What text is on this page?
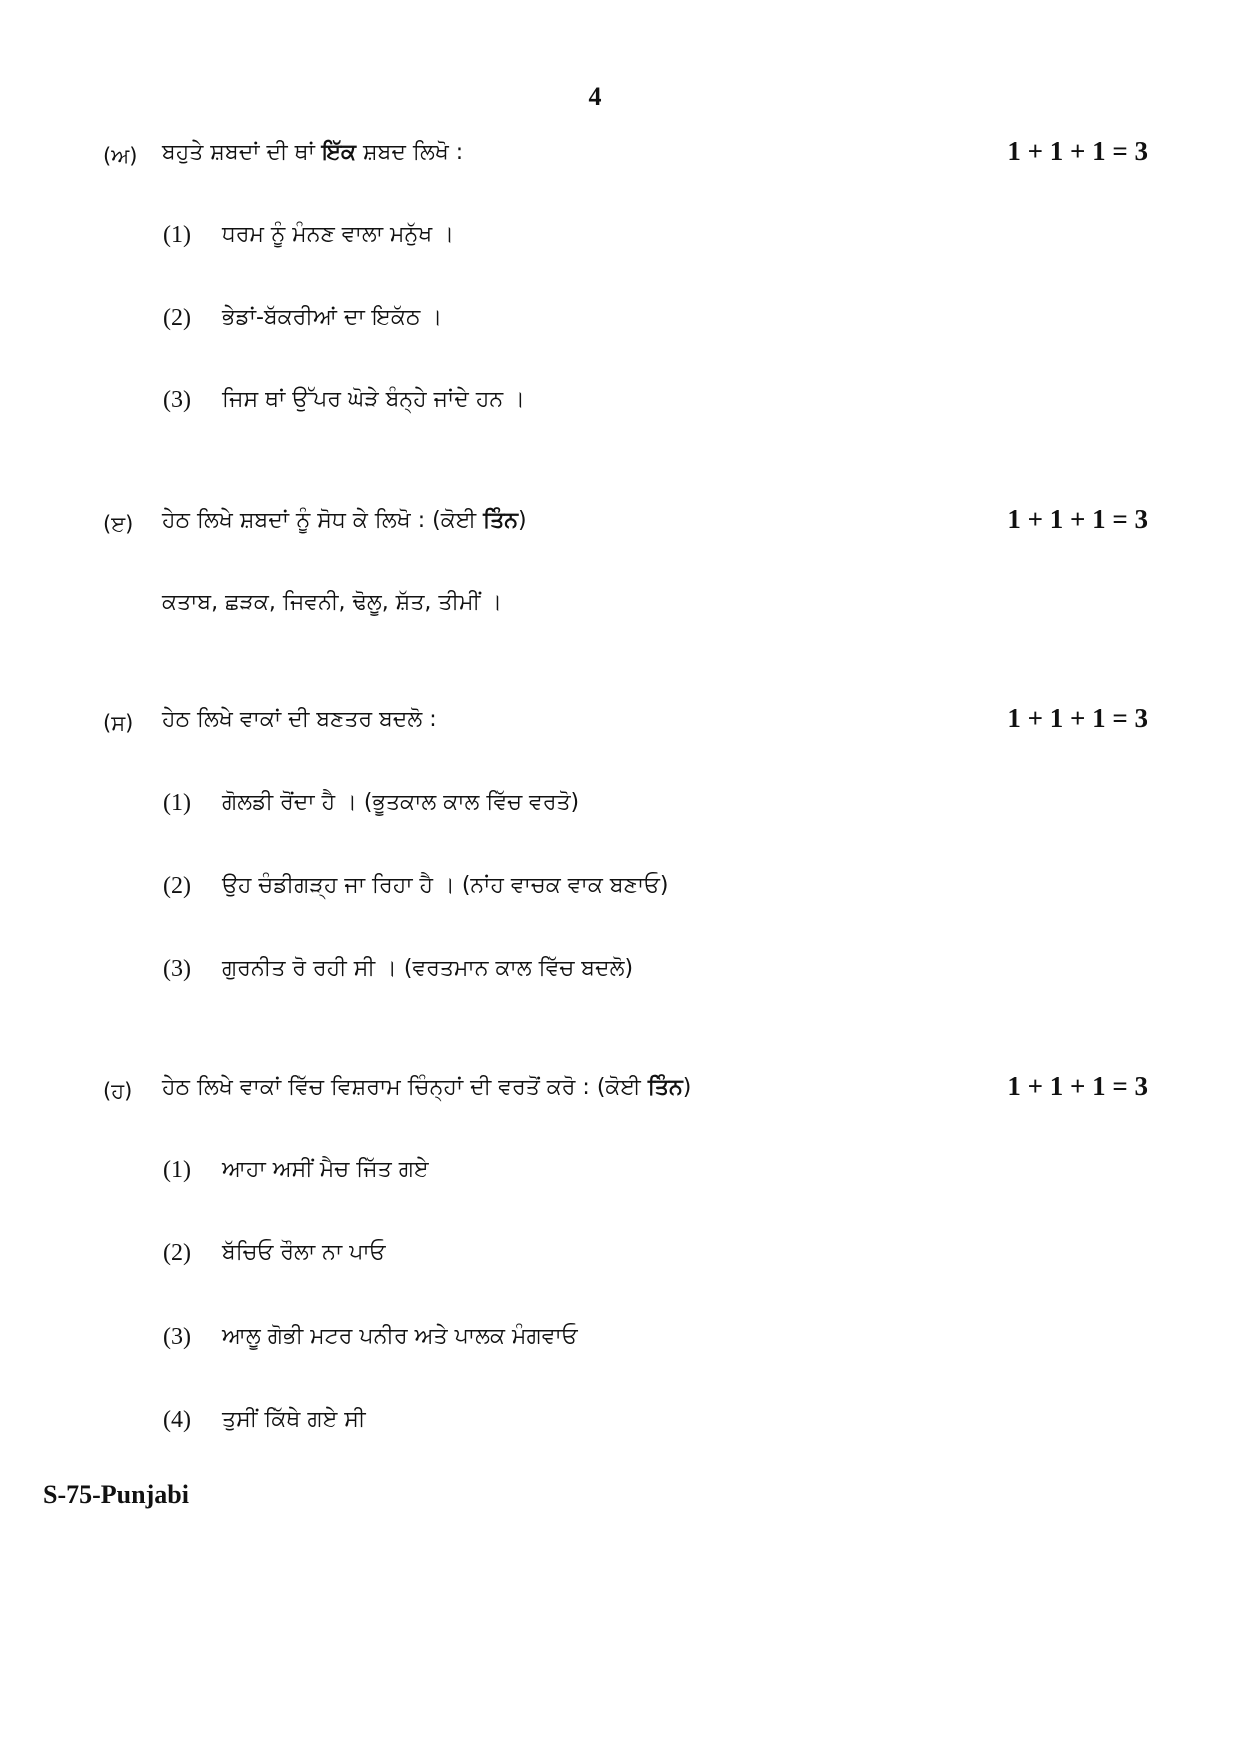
4
(ਅ) ਬਹੁਤੇ ਸ਼ਬਦਾਂ ਦੀ ਥਾਂ ਇੱਕ ਸ਼ਬਦ ਲਿਖੋ :	1 + 1 + 1 = 3
(1) ਧਰਮ ਨੂੰ ਮੰਨਣ ਵਾਲਾ ਮਨੁੱਖ ।
(2) ਭੇਡਾਂ-ਬੱਕਰੀਆਂ ਦਾ ਇਕੱਠ ।
(3) ਜਿਸ ਥਾਂ ਉੱਪਰ ਘੋੜੇ ਬੰਨ੍ਹੇ ਜਾਂਦੇ ਹਨ ।
(ੲ) ਹੇਠ ਲਿਖੇ ਸ਼ਬਦਾਂ ਨੂੰ ਸੋਧ ਕੇ ਲਿਖੋ : (ਕੋਈ ਤਿੰਨ)	1 + 1 + 1 = 3
ਕਤਾਬ, ਛੜਕ, ਜਿਵਨੀ, ਢੋਲੂ, ਸ਼ੱਤ, ਤੀਮੀਂ ।
(ਸ) ਹੇਠ ਲਿਖੇ ਵਾਕਾਂ ਦੀ ਬਣਤਰ ਬਦਲੋ :	1 + 1 + 1 = 3
(1) ਗੋਲਡੀ ਰੋਂਦਾ ਹੈ । (ਭੂਤਕਾਲ ਕਾਲ ਵਿੱਚ ਵਰਤੋ)
(2) ਉਹ ਚੰਡੀਗੜ੍ਹ ਜਾ ਰਿਹਾ ਹੈ । (ਨਾਂਹ ਵਾਚਕ ਵਾਕ ਬਣਾਓ)
(3) ਗੁਰਨੀਤ ਰੋ ਰਹੀ ਸੀ । (ਵਰਤਮਾਨ ਕਾਲ ਵਿੱਚ ਬਦਲੋ)
(ਹ) ਹੇਠ ਲਿਖੇ ਵਾਕਾਂ ਵਿੱਚ ਵਿਸ਼ਰਾਮ ਚਿੰਨ੍ਹਾਂ ਦੀ ਵਰਤੋਂ ਕਰੋ : (ਕੋਈ ਤਿੰਨ)	1 + 1 + 1 = 3
(1) ਆਹਾ ਅਸੀਂ ਮੈਚ ਜਿੱਤ ਗਏ
(2) ਬੱਚਿਓ ਰੌਲਾ ਨਾ ਪਾਓ
(3) ਆਲੂ ਗੋਭੀ ਮਟਰ ਪਨੀਰ ਅਤੇ ਪਾਲਕ ਮੰਗਵਾਓ
(4) ਤੁਸੀਂ ਕਿੱਥੇ ਗਏ ਸੀ
S-75-Punjabi
